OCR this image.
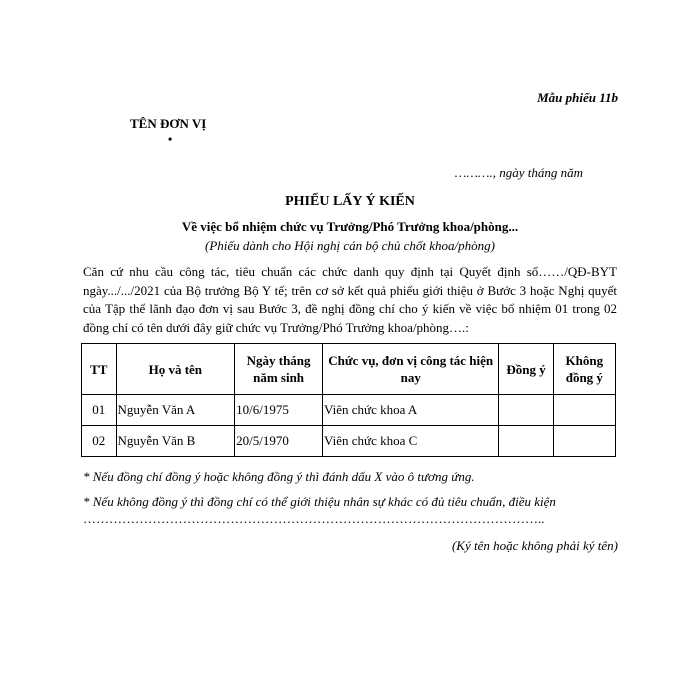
Mẫu phiếu 11b
TÊN ĐƠN VỊ
•
………., ngày tháng năm
PHIẾU LẤY Ý KIẾN
Về việc bổ nhiệm chức vụ Trưởng/Phó Trưởng khoa/phòng...
(Phiếu dành cho Hội nghị cán bộ chủ chốt khoa/phòng)
Căn cứ nhu cầu công tác, tiêu chuẩn các chức danh quy định tại Quyết định số……/QĐ-BYT ngày.../.../2021 của Bộ trưởng Bộ Y tế; trên cơ sở kết quả phiếu giới thiệu ở Bước 3 hoặc Nghị quyết của Tập thể lãnh đạo đơn vị sau Bước 3, đề nghị đồng chí cho ý kiến về việc bổ nhiệm 01 trong 02 đồng chí có tên dưới đây giữ chức vụ Trưởng/Phó Trưởng khoa/phòng….:
TT	Họ và tên	Ngày tháng năm sinh	Chức vụ, đơn vị công tác hiện nay	Đồng ý	Không đồng ý
01	Nguyễn Văn A	10/6/1975	Viên chức khoa A		
02	Nguyễn Văn B	20/5/1970	Viên chức khoa C		
* Nếu đồng chí đồng ý hoặc không đồng ý thì đánh dấu X vào ô tương ứng.
* Nếu không đồng ý thì đồng chí có thể giới thiệu nhân sự khác có đủ tiêu chuẩn, điều kiện
……………………………………………………………………………………………..
(Ký tên hoặc không phải ký tên)
